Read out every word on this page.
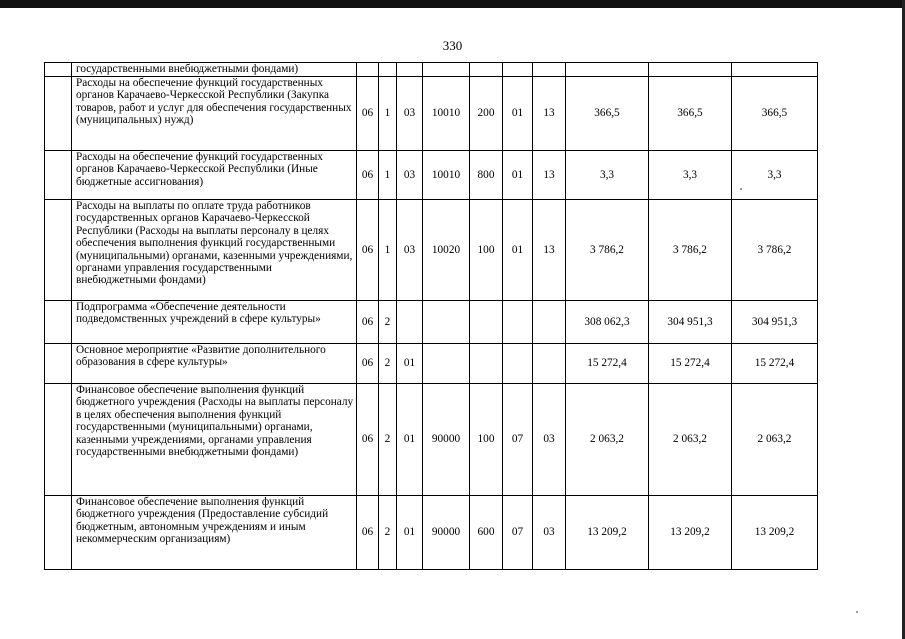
330
	государственными внебюджетными фондами)										
	Расходы на обеспечение функций государственных органов Карачаево-Черкесской Республики (Закупка товаров, работ и услуг для обеспечения государственных (муниципальных) нужд)	06	1	03	10010	200	01	13	366,5	366,5	366,5
	Расходы на обеспечение функций государственных органов Карачаево-Черкесской Республики (Иные бюджетные ассигнования)	06	1	03	10010	800	01	13	3,3	3,3	3,3
	Расходы на выплаты по оплате труда работников государственных органов Карачаево-Черкесской Республики (Расходы на выплаты персоналу в целях обеспечения выполнения функций государственными (муниципальными) органами, казенными учреждениями, органами управления государственными внебюджетными фондами)	06	1	03	10020	100	01	13	3 786,2	3 786,2	3 786,2
	Подпрограмма «Обеспечение деятельности подведомственных учреждений в сфере культуры»	06	2						308 062,3	304 951,3	304 951,3
	Основное мероприятие «Развитие дополнительного образования в сфере культуры»	06	2	01					15 272,4	15 272,4	15 272,4
	Финансовое обеспечение выполнения функций бюджетного учреждения (Расходы на выплаты персоналу в целях обеспечения выполнения функций государственными (муниципальными) органами, казенными учреждениями, органами управления государственными внебюджетными фондами)	06	2	01	90000	100	07	03	2 063,2	2 063,2	2 063,2
	Финансовое обеспечение выполнения функций бюджетного учреждения (Предоставление субсидий бюджетным, автономным учреждениям и иным некоммерческим организациям)	06	2	01	90000	600	07	03	13 209,2	13 209,2	13 209,2
